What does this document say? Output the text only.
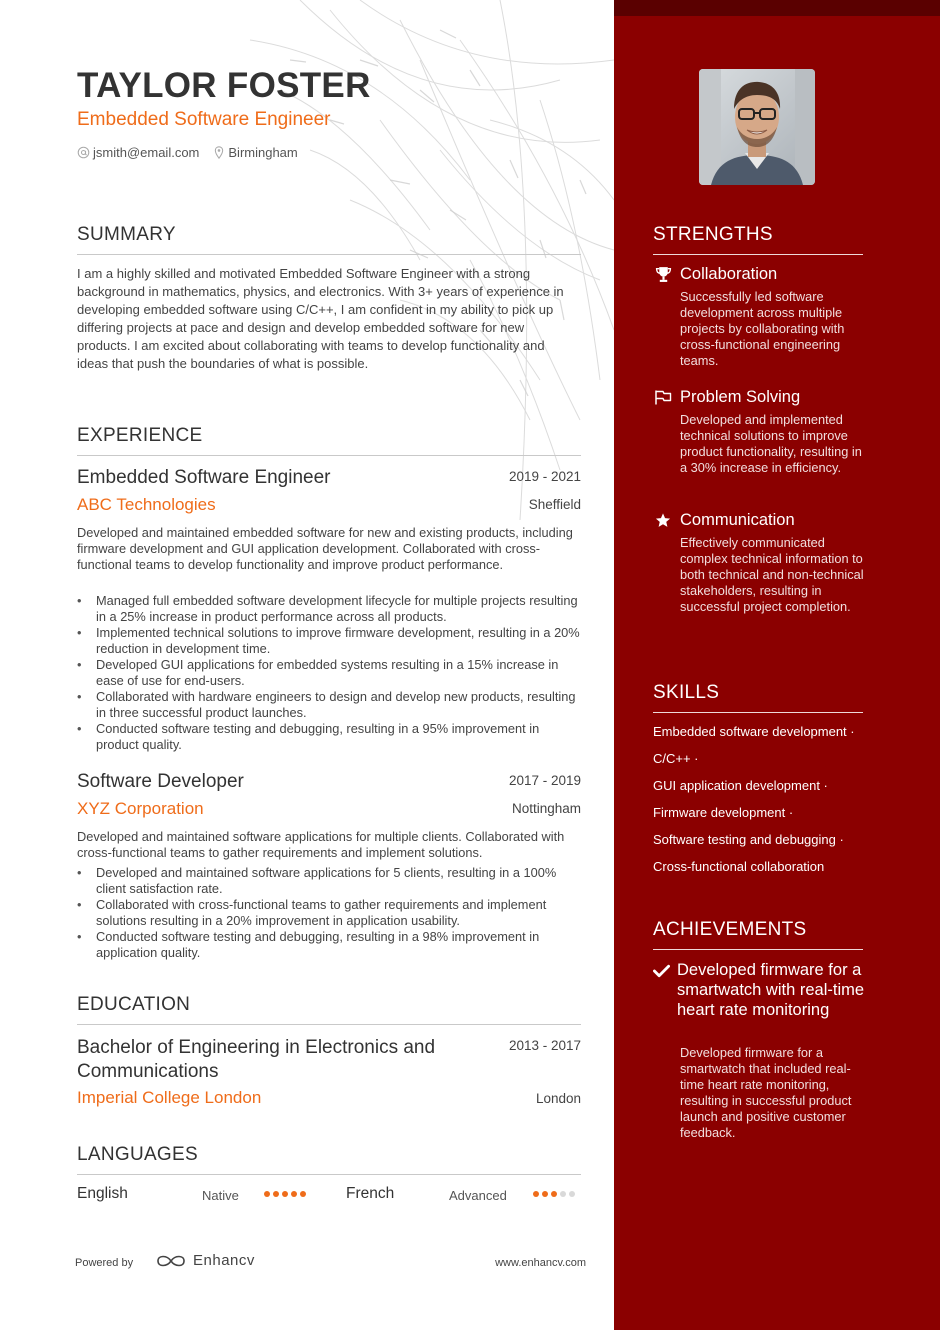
TAYLOR FOSTER
Embedded Software Engineer
jsmith@email.com Birmingham
SUMMARY
I am a highly skilled and motivated Embedded Software Engineer with a strong background in mathematics, physics, and electronics. With 3+ years of experience in developing embedded software using C/C++, I am confident in my ability to pick up differing projects at pace and design and develop embedded software for new products. I am excited about collaborating with teams to develop functionality and ideas that push the boundaries of what is possible.
EXPERIENCE
Embedded Software Engineer	2019 - 2021
ABC Technologies	Sheffield
Developed and maintained embedded software for new and existing products, including firmware development and GUI application development. Collaborated with cross-functional teams to develop functionality and improve product performance.
• Managed full embedded software development lifecycle for multiple projects resulting in a 25% increase in product performance across all products.
• Implemented technical solutions to improve firmware development, resulting in a 20% reduction in development time.
• Developed GUI applications for embedded systems resulting in a 15% increase in ease of use for end-users.
• Collaborated with hardware engineers to design and develop new products, resulting in three successful product launches.
• Conducted software testing and debugging, resulting in a 95% improvement in product quality.
Software Developer	2017 - 2019
XYZ Corporation	Nottingham
Developed and maintained software applications for multiple clients. Collaborated with cross-functional teams to gather requirements and implement solutions.
• Developed and maintained software applications for 5 clients, resulting in a 100% client satisfaction rate.
• Collaborated with cross-functional teams to gather requirements and implement solutions resulting in a 20% improvement in application usability.
• Conducted software testing and debugging, resulting in a 98% improvement in application quality.
EDUCATION
Bachelor of Engineering in Electronics and Communications
2013 - 2017
Imperial College London	London
LANGUAGES
English	Native	French	Advanced
Powered by	Enhancv	www.enhancv.com
STRENGTHS
Collaboration
Successfully led software development across multiple projects by collaborating with cross-functional engineering teams.
Problem Solving
Developed and implemented technical solutions to improve product functionality, resulting in a 30% increase in efficiency.
Communication
Effectively communicated complex technical information to both technical and non-technical stakeholders, resulting in successful project completion.
SKILLS
Embedded software development ·
C/C++ ·
GUI application development ·
Firmware development ·
Software testing and debugging ·
Cross-functional collaboration
ACHIEVEMENTS
Developed firmware for a smartwatch with real-time heart rate monitoring
Developed firmware for a smartwatch that included real-time heart rate monitoring, resulting in successful product launch and positive customer feedback.
